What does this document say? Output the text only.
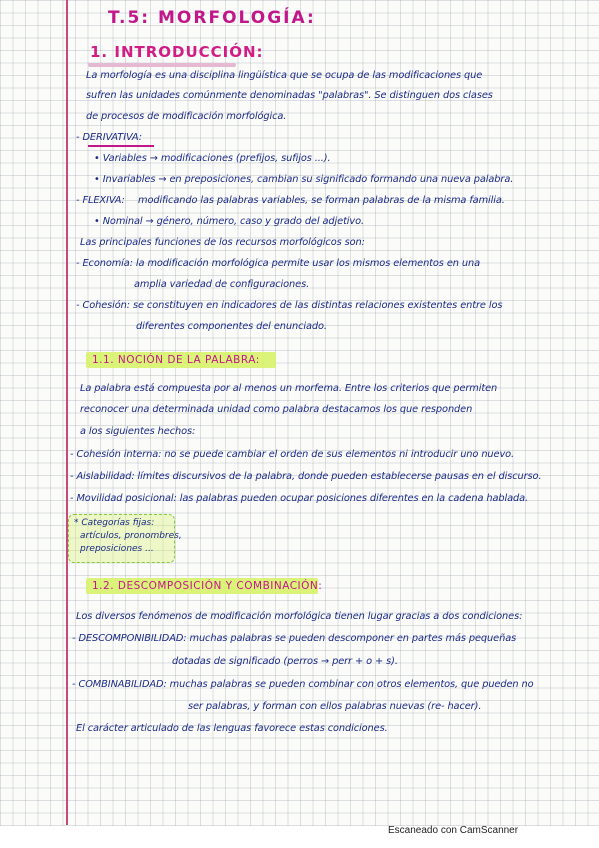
T.5: MORFOLOGÍA:
1. INTRODUCCIÓN:
La morfología es una disciplina lingüística que se ocupa de las modificaciones que
sufren las unidades comúnmente denominadas "palabras". Se distinguen dos clases
de procesos de modificación morfológica.
- DERIVATIVA:
• Variables → modificaciones (prefijos, sufijos ...).
• Invariables → en preposiciones, cambian su significado formando una nueva palabra.
- FLEXIVA: modificando las palabras variables, se forman palabras de la misma familia.
• Nominal → género, número, caso y grado del adjetivo.
Las principales funciones de los recursos morfológicos son:
- Economía: la modificación morfológica permite usar los mismos elementos en una
amplia variedad de configuraciones.
- Cohesión: se constituyen en indicadores de las distintas relaciones existentes entre los
diferentes componentes del enunciado.
1.1. NOCIÓN DE LA PALABRA:
La palabra está compuesta por al menos un morfema. Entre los criterios que permiten
reconocer una determinada unidad como palabra destacamos los que responden
a los siguientes hechos:
- Cohesión interna: no se puede cambiar el orden de sus elementos ni introducir uno nuevo.
- Aislabilidad: límites discursivos de la palabra, donde pueden establecerse pausas en el discurso.
- Movilidad posicional: las palabras pueden ocupar posiciones diferentes en la cadena hablada.
* Categorías fijas:
artículos, pronombres,
preposiciones ...
1.2. DESCOMPOSICIÓN Y COMBINACIÓN:
Los diversos fenómenos de modificación morfológica tienen lugar gracias a dos condiciones:
- DESCOMPONIBILIDAD: muchas palabras se pueden descomponer en partes más pequeñas
dotadas de significado (perros → perr + o + s).
- COMBINABILIDAD: muchas palabras se pueden combinar con otros elementos, que pueden no
ser palabras, y forman con ellos palabras nuevas (re- hacer).
El carácter articulado de las lenguas favorece estas condiciones.
Escaneado con CamScanner
